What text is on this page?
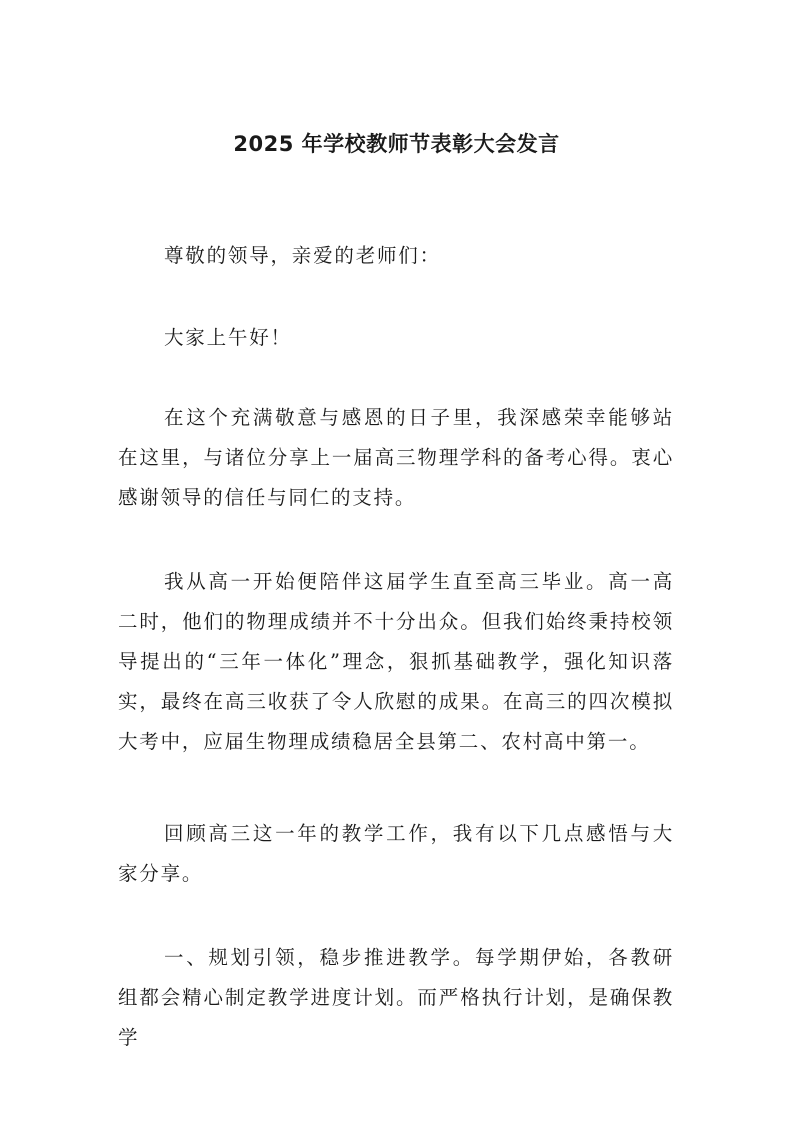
2025 年学校教师节表彰大会发言

尊敬的领导，亲爱的老师们：

大家上午好！

在这个充满敬意与感恩的日子里，我深感荣幸能够站在这里，与诸位分享上一届高三物理学科的备考心得。衷心感谢领导的信任与同仁的支持。

我从高一开始便陪伴这届学生直至高三毕业。高一高二时，他们的物理成绩并不十分出众。但我们始终秉持校领导提出的“三年一体化”理念，狠抓基础教学，强化知识落实，最终在高三收获了令人欣慰的成果。在高三的四次模拟大考中，应届生物理成绩稳居全县第二、农村高中第一。

回顾高三这一年的教学工作，我有以下几点感悟与大家分享。

一、规划引领，稳步推进教学。每学期伊始，各教研组都会精心制定教学进度计划。而严格执行计划，是确保教学
